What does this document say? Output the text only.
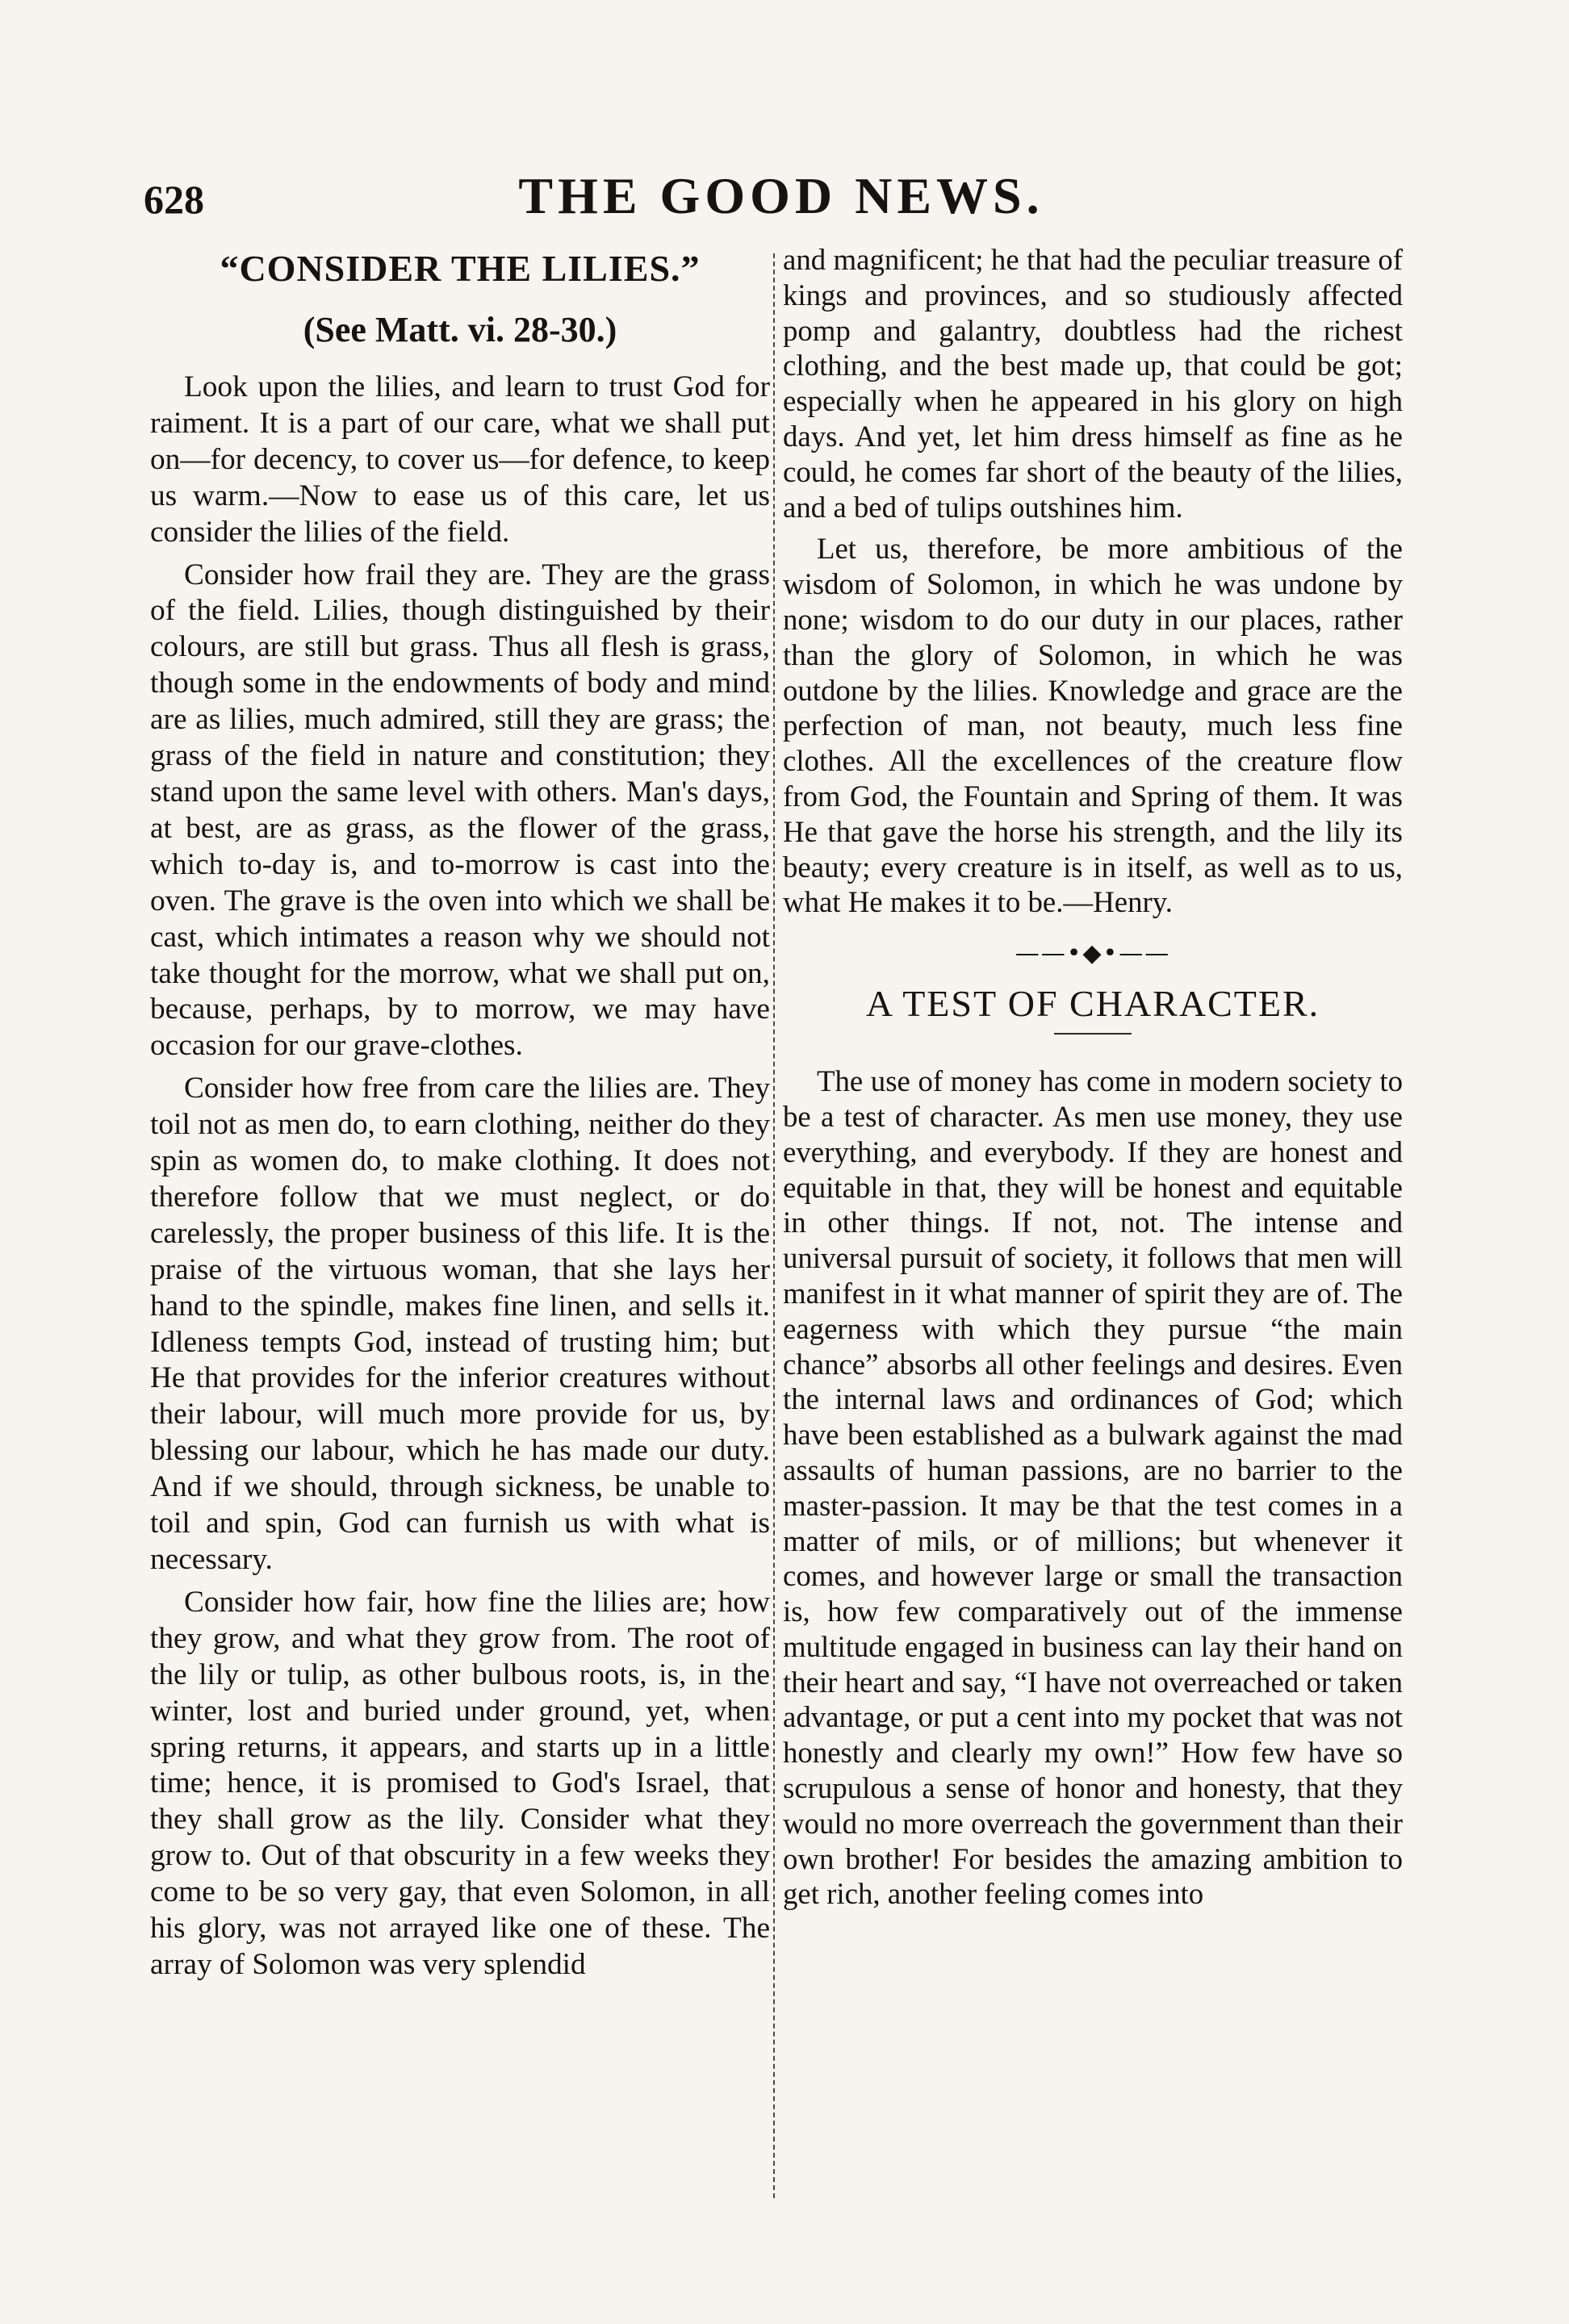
628	THE GOOD NEWS.
“CONSIDER THE LILIES.”
(See Matt. vi. 28-30.)

Look upon the lilies, and learn to trust God for raiment. It is a part of our care, what we shall put on—for decency, to cover us—for defence, to keep us warm.—Now to ease us of this care, let us consider the lilies of the field.

Consider how frail they are. They are the grass of the field. Lilies, though distinguished by their colours, are still but grass. Thus all flesh is grass, though some in the endowments of body and mind are as lilies, much admired, still they are grass; the grass of the field in nature and constitution; they stand upon the same level with others. Man's days, at best, are as grass, as the flower of the grass, which to-day is, and to-morrow is cast into the oven. The grave is the oven into which we shall be cast, which intimates a reason why we should not take thought for the morrow, what we shall put on, because, perhaps, by to morrow, we may have occasion for our grave-clothes.

Consider how free from care the lilies are. They toil not as men do, to earn clothing, neither do they spin as women do, to make clothing. It does not therefore follow that we must neglect, or do carelessly, the proper business of this life. It is the praise of the virtuous woman, that she lays her hand to the spindle, makes fine linen, and sells it. Idleness tempts God, instead of trusting him; but He that provides for the inferior creatures without their labour, will much more provide for us, by blessing our labour, which he has made our duty. And if we should, through sickness, be unable to toil and spin, God can furnish us with what is necessary.

Consider how fair, how fine the lilies are; how they grow, and what they grow from. The root of the lily or tulip, as other bulbous roots, is, in the winter, lost and buried under ground, yet, when spring returns, it appears, and starts up in a little time; hence, it is promised to God's Israel, that they shall grow as the lily. Consider what they grow to. Out of that obscurity in a few weeks they come to be so very gay, that even Solomon, in all his glory, was not arrayed like one of these. The array of Solomon was very splendid

and magnificent; he that had the peculiar treasure of kings and provinces, and so studiously affected pomp and galantry, doubtless had the richest clothing, and the best made up, that could be got; especially when he appeared in his glory on high days. And yet, let him dress himself as fine as he could, he comes far short of the beauty of the lilies, and a bed of tulips outshines him.

Let us, therefore, be more ambitious of the wisdom of Solomon, in which he was undone by none; wisdom to do our duty in our places, rather than the glory of Solomon, in which he was outdone by the lilies. Knowledge and grace are the perfection of man, not beauty, much less fine clothes. All the excellences of the creature flow from God, the Fountain and Spring of them. It was He that gave the horse his strength, and the lily its beauty; every creature is in itself, as well as to us, what He makes it to be.—Henry.

——•◆•——
A TEST OF CHARACTER.

The use of money has come in modern society to be a test of character. As men use money, they use everything, and everybody. If they are honest and equitable in that, they will be honest and equitable in other things. If not, not. The intense and universal pursuit of society, it follows that men will manifest in it what manner of spirit they are of. The eagerness with which they pursue “the main chance” absorbs all other feelings and desires. Even the internal laws and ordinances of God; which have been established as a bulwark against the mad assaults of human passions, are no barrier to the master-passion. It may be that the test comes in a matter of mils, or of millions; but whenever it comes, and however large or small the transaction is, how few comparatively out of the immense multitude engaged in business can lay their hand on their heart and say, “I have not overreached or taken advantage, or put a cent into my pocket that was not honestly and clearly my own!” How few have so scrupulous a sense of honor and honesty, that they would no more overreach the government than their own brother! For besides the amazing ambition to get rich, another feeling comes into
